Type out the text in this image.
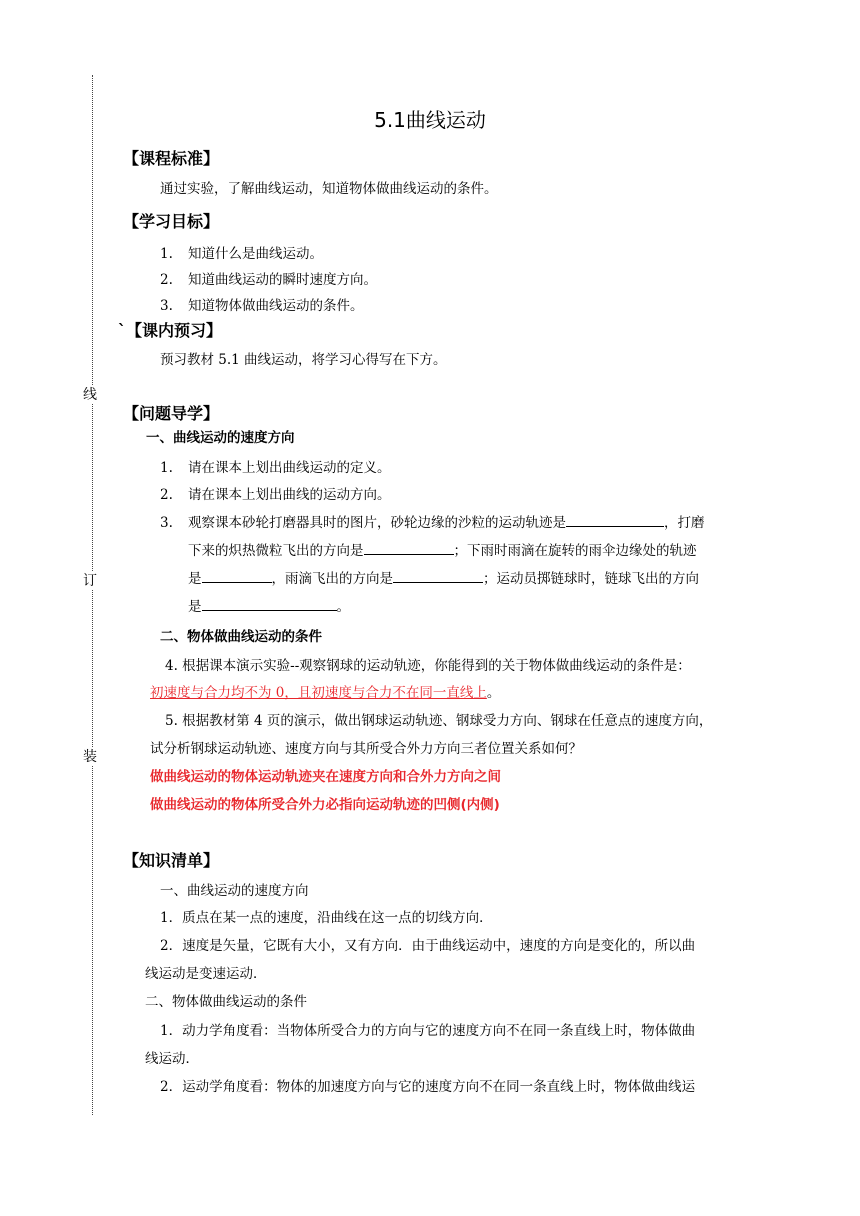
线
订
装
5.1曲线运动
【课程标准】
通过实验，了解曲线运动，知道物体做曲线运动的条件。
【学习目标】
1. 知道什么是曲线运动。
2. 知道曲线运动的瞬时速度方向。
3. 知道物体做曲线运动的条件。
`【课内预习】
预习教材 5.1 曲线运动，将学习心得写在下方。
【问题导学】
一、曲线运动的速度方向
1. 请在课本上划出曲线运动的定义。
2. 请在课本上划出曲线的运动方向。
3. 观察课本砂轮打磨器具时的图片，砂轮边缘的沙粒的运动轨迹是	，打磨
下来的炽热微粒飞出的方向是	；下雨时雨滴在旋转的雨伞边缘处的轨迹
是	，雨滴飞出的方向是	；运动员掷链球时，链球飞出的方向
是	。
二、物体做曲线运动的条件
4. 根据课本演示实验--观察钢球的运动轨迹，你能得到的关于物体做曲线运动的条件是：
初速度与合力均不为 0，且初速度与合力不在同一直线上。
5. 根据教材第 4 页的演示，做出钢球运动轨迹、钢球受力方向、钢球在任意点的速度方向，
试分析钢球运动轨迹、速度方向与其所受合外力方向三者位置关系如何？
做曲线运动的物体运动轨迹夹在速度方向和合外力方向之间
做曲线运动的物体所受合外力必指向运动轨迹的凹侧(内侧)
【知识清单】
一、曲线运动的速度方向
1．质点在某一点的速度，沿曲线在这一点的切线方向．
2．速度是矢量，它既有大小，又有方向．由于曲线运动中，速度的方向是变化的，所以曲
线运动是变速运动．
二、物体做曲线运动的条件
1．动力学角度看：当物体所受合力的方向与它的速度方向不在同一条直线上时，物体做曲
线运动．
2．运动学角度看：物体的加速度方向与它的速度方向不在同一条直线上时，物体做曲线运
